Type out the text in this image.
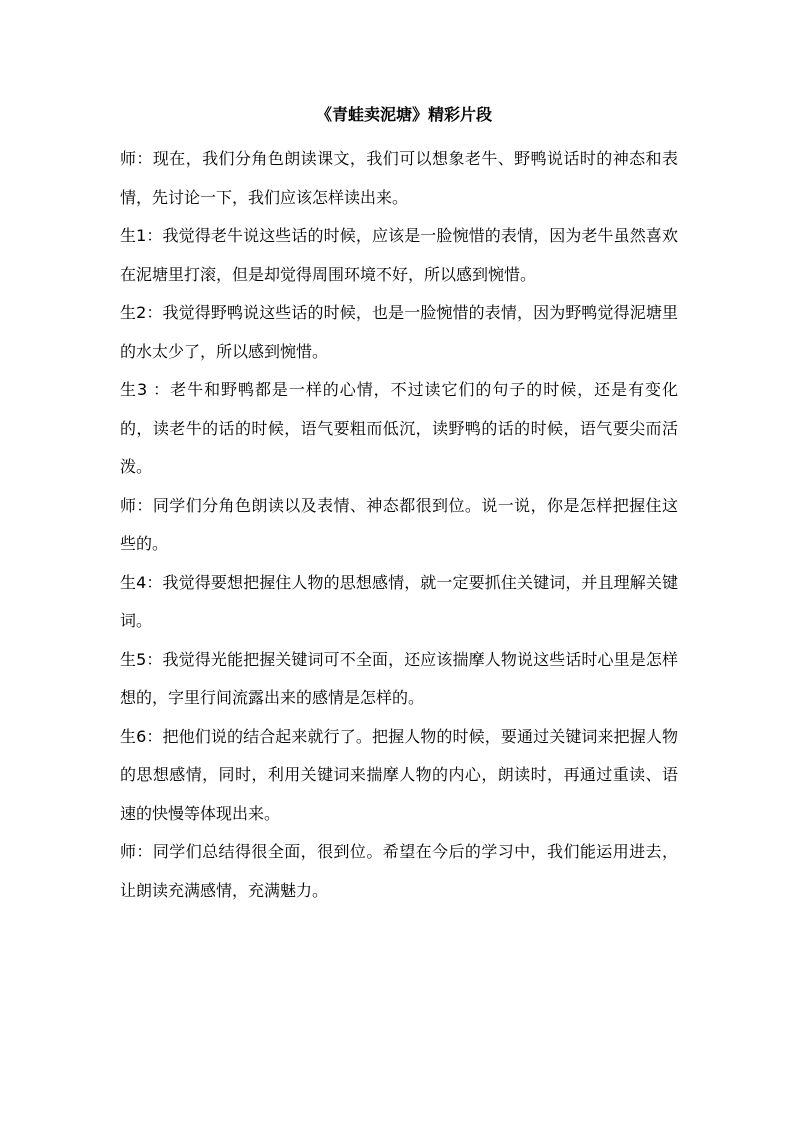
《青蛙卖泥塘》精彩片段

师：现在，我们分角色朗读课文，我们可以想象老牛、野鸭说话时的神态和表情，先讨论一下，我们应该怎样读出来。

生1：我觉得老牛说这些话的时候，应该是一脸惋惜的表情，因为老牛虽然喜欢在泥塘里打滚，但是却觉得周围环境不好，所以感到惋惜。

生2：我觉得野鸭说这些话的时候，也是一脸惋惜的表情，因为野鸭觉得泥塘里的水太少了，所以感到惋惜。

生3 ：老牛和野鸭都是一样的心情，不过读它们的句子的时候，还是有变化的，读老牛的话的时候，语气要粗而低沉，读野鸭的话的时候，语气要尖而活泼。

师：同学们分角色朗读以及表情、神态都很到位。说一说，你是怎样把握住这些的。

生4：我觉得要想把握住人物的思想感情，就一定要抓住关键词，并且理解关键词。

生5：我觉得光能把握关键词可不全面，还应该揣摩人物说这些话时心里是怎样想的，字里行间流露出来的感情是怎样的。

生6：把他们说的结合起来就行了。把握人物的时候，要通过关键词来把握人物的思想感情，同时，利用关键词来揣摩人物的内心，朗读时，再通过重读、语速的快慢等体现出来。

师：同学们总结得很全面，很到位。希望在今后的学习中，我们能运用进去，让朗读充满感情，充满魅力。
